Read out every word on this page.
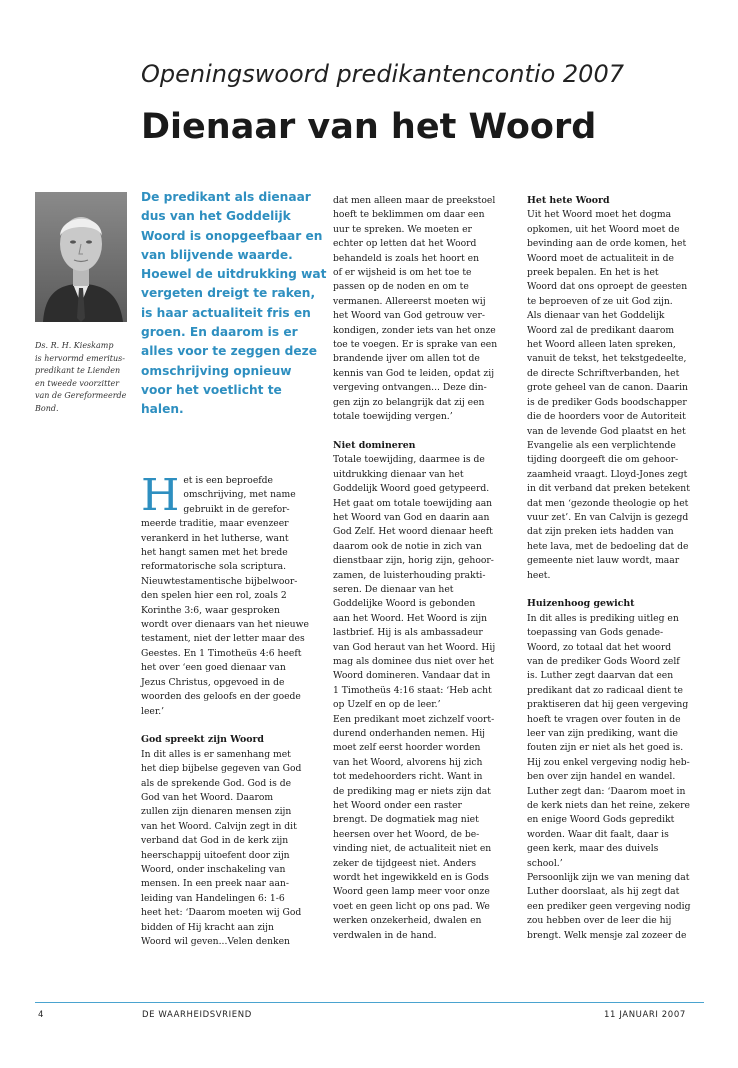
Openingswoord predikantencontio 2007
Dienaar van het Woord
Ds. R. H. Kieskamp
is hervormd emeritus-
predikant te Lienden
en tweede voorzitter
van de Gereformeerde
Bond.
De predikant als dienaar
dus van het Goddelijk
Woord is onopgeefbaar en
van blijvende waarde.
Hoewel de uitdrukking wat
vergeten dreigt te raken,
is haar actualiteit fris en
groen. En daarom is er
alles voor te zeggen deze
omschrijving opnieuw
voor het voetlicht te
halen.
H et is een beproefde
omschrijving, met name
gebruikt in de gerefor-

meerde traditie, maar evenzeer
verankerd in het lutherse, want
het hangt samen met het brede
reformatorische sola scriptura.
Nieuwtestamentische bijbelwoor-
den spelen hier een rol, zoals 2
Korinthe 3:6, waar gesproken
wordt over dienaars van het nieuwe
testament, niet der letter maar des
Geestes. En 1 Timotheüs 4:6 heeft
het over ‘een goed dienaar van
Jezus Christus, opgevoed in de
woorden des geloofs en der goede
leer.’

God spreekt zijn Woord

In dit alles is er samenhang met
het diep bijbelse gegeven van God
als de sprekende God. God is de
God van het Woord. Daarom
zullen zijn dienaren mensen zijn
van het Woord. Calvijn zegt in dit
verband dat God in de kerk zijn
heerschappij uitoefent door zijn
Woord, onder inschakeling van
mensen. In een preek naar aan-
leiding van Handelingen 6: 1-6
heet het: ‘Daarom moeten wij God
bidden of Hij kracht aan zijn
Woord wil geven...Velen denken

dat men alleen maar de preekstoel
hoeft te beklimmen om daar een
uur te spreken. We moeten er
echter op letten dat het Woord
behandeld is zoals het hoort en
of er wijsheid is om het toe te
passen op de noden en om te
vermanen. Allereerst moeten wij
het Woord van God getrouw ver-
kondigen, zonder iets van het onze
toe te voegen. Er is sprake van een
brandende ijver om allen tot de
kennis van God te leiden, opdat zij
vergeving ontvangen... Deze din-
gen zijn zo belangrijk dat zij een
totale toewijding vergen.’

Niet domineren

Totale toewijding, daarmee is de
uitdrukking dienaar van het
Goddelijk Woord goed getypeerd.
Het gaat om totale toewijding aan
het Woord van God en daarin aan
God Zelf. Het woord dienaar heeft
daarom ook de notie in zich van
dienstbaar zijn, horig zijn, gehoor-
zamen, de luisterhouding prakti-
seren. De dienaar van het
Goddelijke Woord is gebonden
aan het Woord. Het Woord is zijn
lastbrief. Hij is als ambassadeur
van God heraut van het Woord. Hij
mag als dominee dus niet over het
Woord domineren. Vandaar dat in
1 Timotheüs 4:16 staat: ‘Heb acht
op Uzelf en op de leer.’
Een predikant moet zichzelf voort-
durend onderhanden nemen. Hij
moet zelf eerst hoorder worden
van het Woord, alvorens hij zich
tot medehoorders richt. Want in
de prediking mag er niets zijn dat
het Woord onder een raster
brengt. De dogmatiek mag niet
heersen over het Woord, de be-
vinding niet, de actualiteit niet en
zeker de tijdgeest niet. Anders
wordt het ingewikkeld en is Gods
Woord geen lamp meer voor onze
voet en geen licht op ons pad. We
werken onzekerheid, dwalen en
verdwalen in de hand.

Het hete Woord

Uit het Woord moet het dogma
opkomen, uit het Woord moet de
bevinding aan de orde komen, het
Woord moet de actualiteit in de
preek bepalen. En het is het
Woord dat ons oproept de geesten
te beproeven of ze uit God zijn.
Als dienaar van het Goddelijk
Woord zal de predikant daarom
het Woord alleen laten spreken,
vanuit de tekst, het tekstgedeelte,
de directe Schriftverbanden, het
grote geheel van de canon. Daarin
is de prediker Gods boodschapper
die de hoorders voor de Autoriteit
van de levende God plaatst en het
Evangelie als een verplichtende
tijding doorgeeft die om gehoor-
zaamheid vraagt. Lloyd-Jones zegt
in dit verband dat preken betekent
dat men ‘gezonde theologie op het
vuur zet’. En van Calvijn is gezegd
dat zijn preken iets hadden van
hete lava, met de bedoeling dat de
gemeente niet lauw wordt, maar
heet.

Huizenhoog gewicht

In dit alles is prediking uitleg en
toepassing van Gods genade-
Woord, zo totaal dat het woord
van de prediker Gods Woord zelf
is. Luther zegt daarvan dat een
predikant dat zo radicaal dient te
praktiseren dat hij geen vergeving
hoeft te vragen over fouten in de
leer van zijn prediking, want die
fouten zijn er niet als het goed is.
Hij zou enkel vergeving nodig heb-
ben over zijn handel en wandel.
Luther zegt dan: ‘Daarom moet in
de kerk niets dan het reine, zekere
en enige Woord Gods gepredikt
worden. Waar dit faalt, daar is
geen kerk, maar des duivels
school.’
Persoonlijk zijn we van mening dat
Luther doorslaat, als hij zegt dat
een prediker geen vergeving nodig
zou hebben over de leer die hij
brengt. Welk mensje zal zozeer de

4	DE WAARHEIDSVRIEND	11 JANUARI 2007
